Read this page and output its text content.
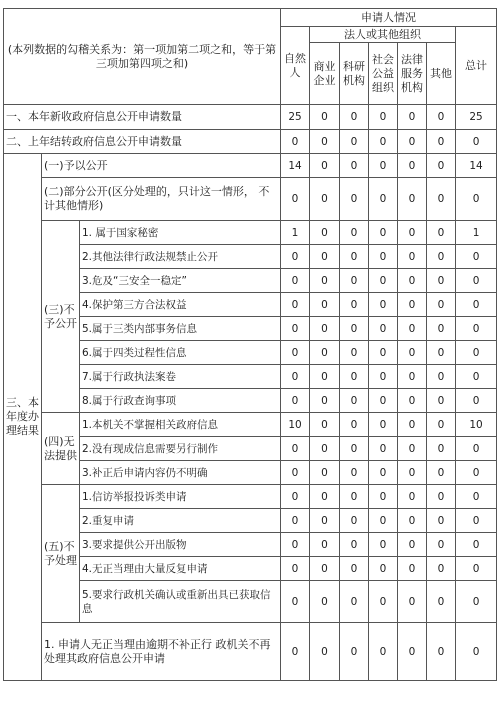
(本列数据的勾稽关系为：第一项加第二项之和，等于第三项加第四项之和)			申请人情况						
			自然人	法人或其他组织					总计
				商业企业	科研机构	社会公益组织	法律服务机构	其他	
一、本年新收政府信息公开申请数量			25	0	0	0	0	0	25
二、上年结转政府信息公开申请数量			0	0	0	0	0	0	0
三、本年度办理结果	(一)予以公开		14	0	0	0	0	0	14
	(二)部分公开(区分处理的，只计这一情形， 不计其他情形)		0	0	0	0	0	0	0
	(三)不予公开	1. 属于国家秘密	1	0	0	0	0	0	1
		2.其他法律行政法规禁止公开	0	0	0	0	0	0	0
		3.危及“三安全一稳定”	0	0	0	0	0	0	0
		4.保护第三方合法权益	0	0	0	0	0	0	0
		5.属于三类内部事务信息	0	0	0	0	0	0	0
		6.属于四类过程性信息	0	0	0	0	0	0	0
		7.属于行政执法案卷	0	0	0	0	0	0	0
		8.属于行政查询事项	0	0	0	0	0	0	0
	(四)无法提供	1.本机关不掌握相关政府信息	10	0	0	0	0	0	10
		2.没有现成信息需要另行制作	0	0	0	0	0	0	0
		3.补正后申请内容仍不明确	0	0	0	0	0	0	0
	(五)不予处理	1.信访举报投诉类申请	0	0	0	0	0	0	0
		2.重复申请	0	0	0	0	0	0	0
		3.要求提供公开出版物	0	0	0	0	0	0	0
		4.无正当理由大量反复申请	0	0	0	0	0	0	0
		5.要求行政机关确认或重新出具已获取信息	0	0	0	0	0	0	0
	1. 申请人无正当理由逾期不补正行 政机关不再处理其政府信息公开申请		0	0	0	0	0	0	0
